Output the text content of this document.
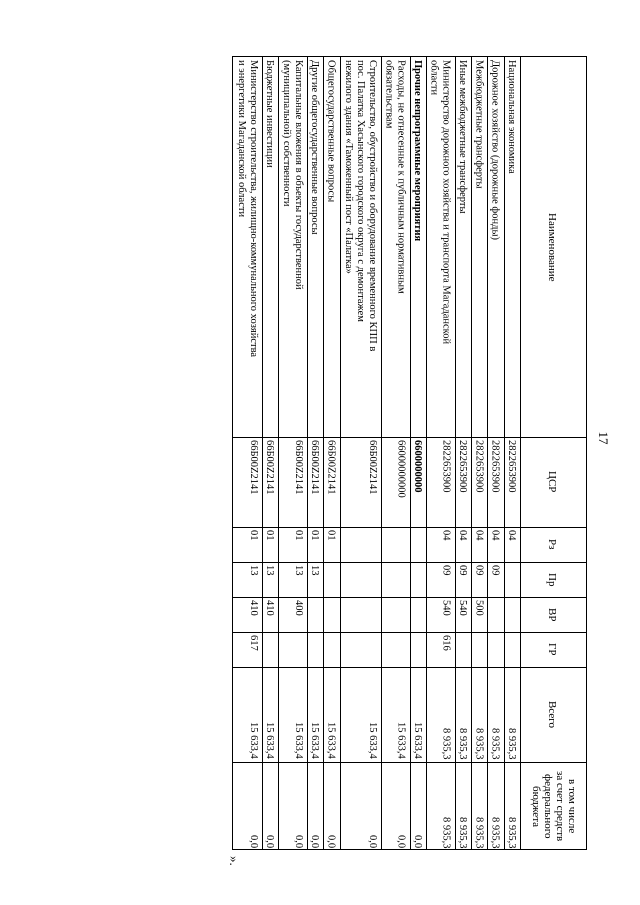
17
Наименование
ЦСР
Рз
Пр
ВР
ГР
Всего
в том числе
за счет средств
федерального
бюджета
Национальная экономика
2822653900
04
8 935,3
8 935,3
Дорожное хозяйство (дорожные фонды)
2822653900
04
09
8 935,3
8 935,3
Межбюджетные трансферты
2822653900
04
09
500
8 935,3
8 935,3
Иные межбюджетные трансферты
2822653900
04
09
540
8 935,3
8 935,3
Министерство дорожного хозяйства и транспорта Магаданской
области
2822653900
04
09
540
616
8 935,3
8 935,3
Прочие непрограммные мероприятия
6600000000
15 633,4
0,0
Расходы, не отнесенные к публичным нормативным
обязательствам
66000000000
15 633,4
0,0
Строительство, обустройство и оборудование временного КПП в
пос. Палатка Хасынского городского округа с демонтажем
нежилого здания «Таможенный пост «Палатка»
66Б00Z2141
15 633,4
0,0
Общегосударственные вопросы
66Б00Z2141
01
15 633,4
0,0
Другие общегосударственные вопросы
66Б00Z2141
01
13
15 633,4
0,0
Капитальные вложения в объекты государственной
(муниципальной) собственности
66Б00Z2141
01
13
400
15 633,4
0,0
Бюджетные инвестиции
66Б00Z2141
01
13
410
15 633,4
0,0
Министерство строительства, жилищно-коммунального хозяйства
и энергетики Магаданской области
66Б00Z2141
01
13
410
617
15 633,4
0,0
».
